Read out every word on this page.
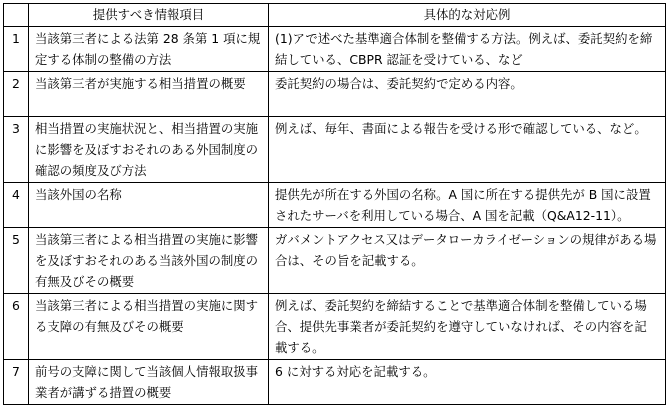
	提供すべき情報項目	具体的な対応例
1	当該第三者による法第 28 条第 1 項に規定する体制の整備の方法	(1)アで述べた基準適合体制を整備する方法。例えば、委託契約を締結している、CBPR 認証を受けている、など
2	当該第三者が実施する相当措置の概要	委託契約の場合は、委託契約で定める内容。
3	相当措置の実施状況と、相当措置の実施に影響を及ぼすおそれのある外国制度の確認の頻度及び方法	例えば、毎年、書面による報告を受ける形で確認している、など。
4	当該外国の名称	提供先が所在する外国の名称。A 国に所在する提供先が B 国に設置されたサーバを利用している場合、A 国を記載（Q&A12-11）。
5	当該第三者による相当措置の実施に影響を及ぼすおそれのある当該外国の制度の有無及びその概要	ガバメントアクセス又はデータローカライゼーションの規律がある場合は、その旨を記載する。
6	当該第三者による相当措置の実施に関する支障の有無及びその概要	例えば、委託契約を締結することで基準適合体制を整備している場合、提供先事業者が委託契約を遵守していなければ、その内容を記載する。
7	前号の支障に関して当該個人情報取扱事業者が講ずる措置の概要	6 に対する対応を記載する。
